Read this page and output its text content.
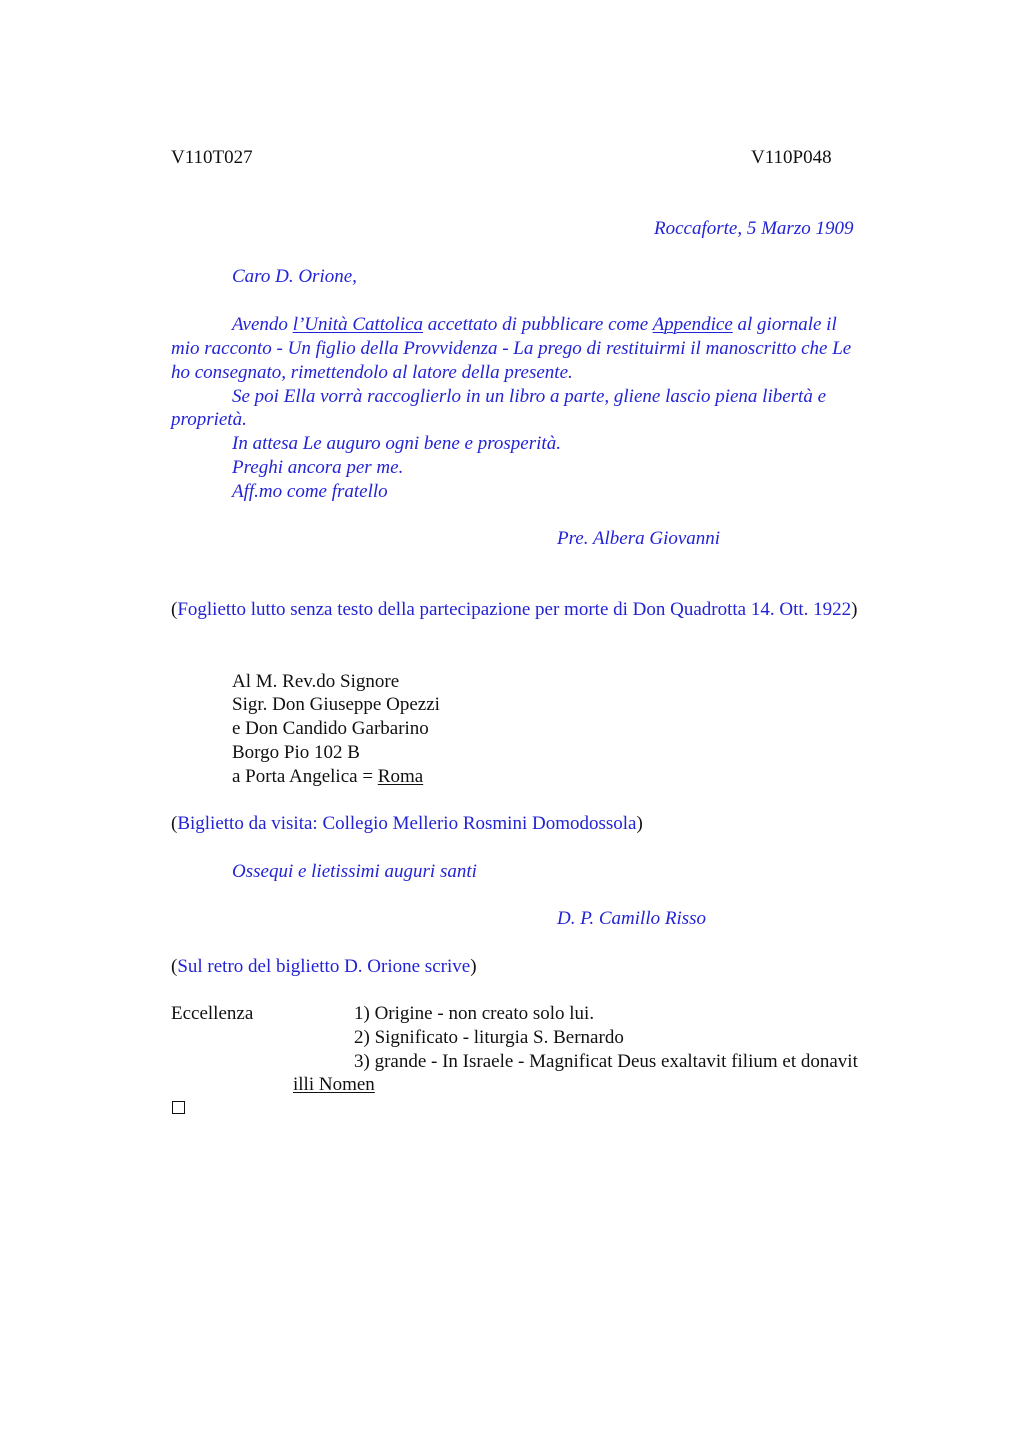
V110T027	V110P048
Roccaforte, 5 Marzo 1909
Caro D. Orione,
Avendo l’Unità Cattolica accettato di pubblicare come Appendice al giornale il
mio racconto - Un figlio della Provvidenza - La prego di restituirmi il manoscritto che Le
ho consegnato, rimettendolo al latore della presente.
Se poi Ella vorrà raccoglierlo in un libro a parte, gliene lascio piena libertà e
proprietà.
In attesa Le auguro ogni bene e prosperità.
Preghi ancora per me.
Aff.mo come fratello
Pre. Albera Giovanni
(Foglietto lutto senza testo della partecipazione per morte di Don Quadrotta 14. Ott. 1922)
Al M. Rev.do Signore
Sigr. Don Giuseppe Opezzi
e Don Candido Garbarino
Borgo Pio 102 B
a Porta Angelica = Roma
(Biglietto da visita: Collegio Mellerio Rosmini Domodossola)
Ossequi e lietissimi auguri santi
D. P. Camillo Risso
(Sul retro del biglietto D. Orione scrive)
Eccellenza	1) Origine - non creato solo lui.
2) Significato - liturgia S. Bernardo
3) grande - In Israele - Magnificat Deus exaltavit filium et donavit
illi Nomen
